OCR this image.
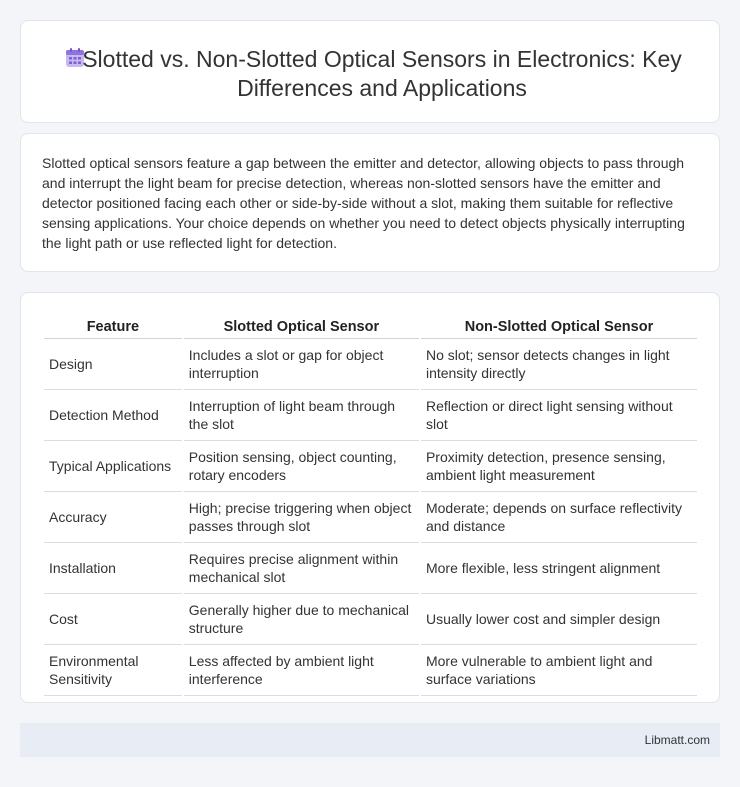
Slotted vs. Non-Slotted Optical Sensors in Electronics: Key Differences and Applications

Slotted optical sensors feature a gap between the emitter and detector, allowing objects to pass through and interrupt the light beam for precise detection, whereas non-slotted sensors have the emitter and detector positioned facing each other or side-by-side without a slot, making them suitable for reflective sensing applications. Your choice depends on whether you need to detect objects physically interrupting the light path or use reflected light for detection.

Feature	Slotted Optical Sensor	Non-Slotted Optical Sensor
Design	Includes a slot or gap for object interruption	No slot; sensor detects changes in light intensity directly
Detection Method	Interruption of light beam through the slot	Reflection or direct light sensing without slot
Typical Applications	Position sensing, object counting, rotary encoders	Proximity detection, presence sensing, ambient light measurement
Accuracy	High; precise triggering when object passes through slot	Moderate; depends on surface reflectivity and distance
Installation	Requires precise alignment within mechanical slot	More flexible, less stringent alignment
Cost	Generally higher due to mechanical structure	Usually lower cost and simpler design
Environmental Sensitivity	Less affected by ambient light interference	More vulnerable to ambient light and surface variations
Libmatt.com
